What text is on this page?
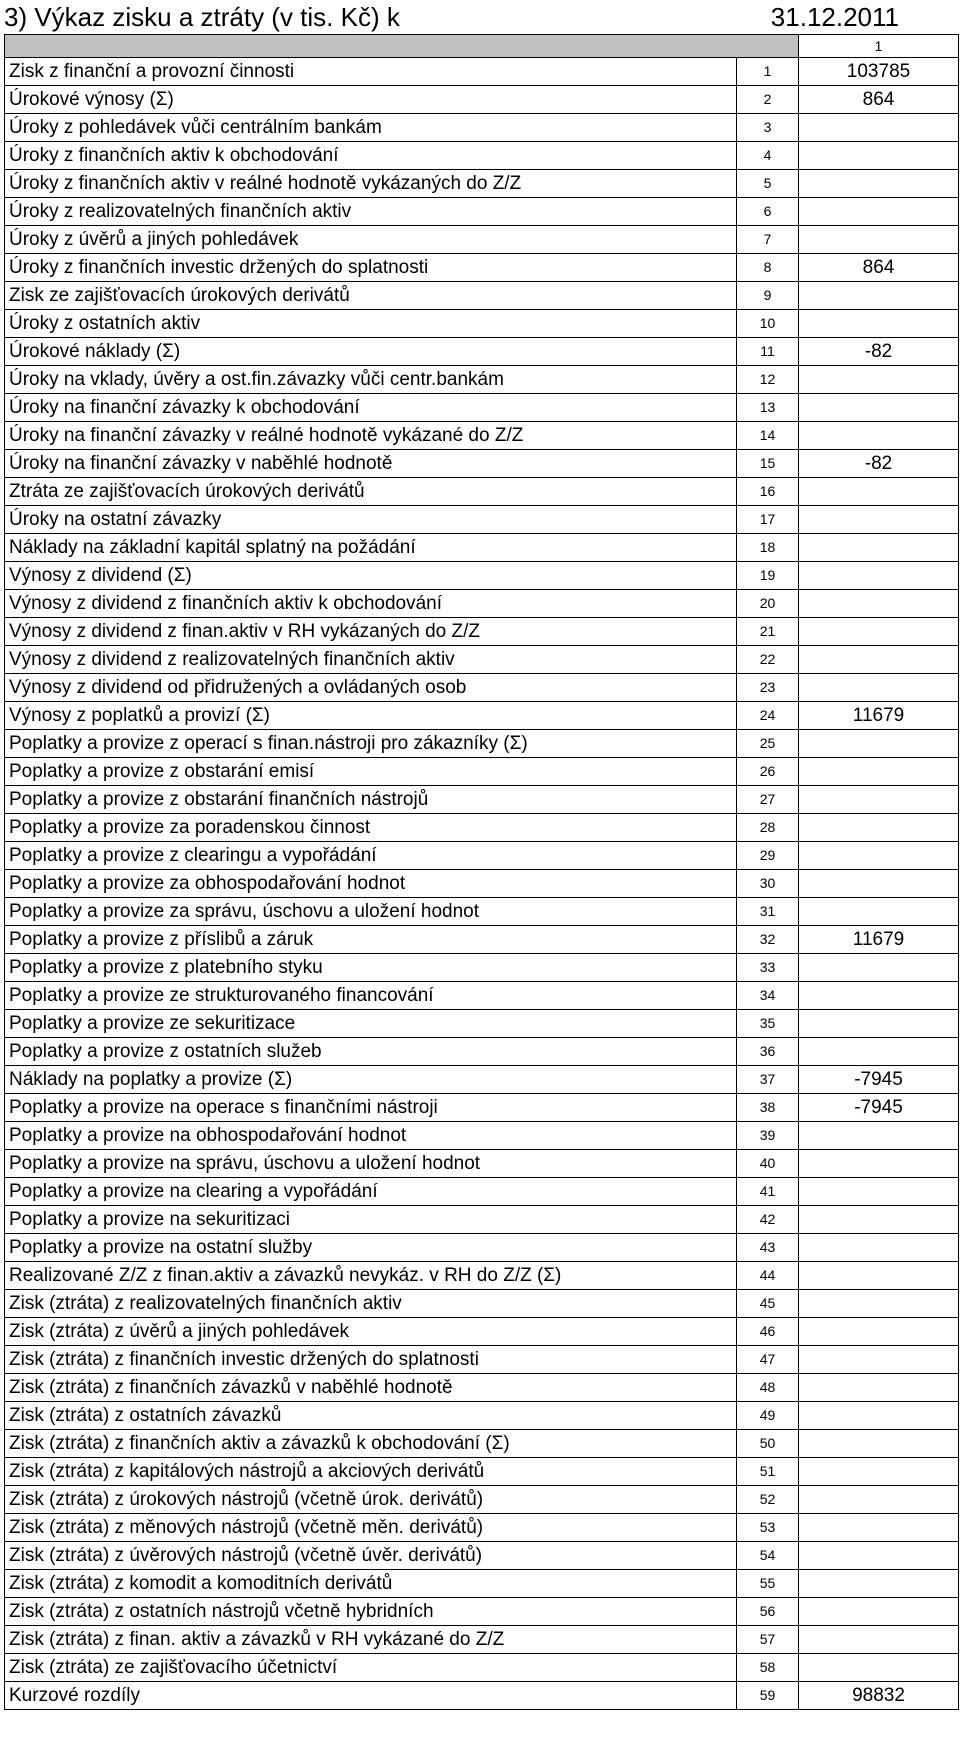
3) Výkaz zisku a ztráty (v tis. Kč) k	31.12.2011
		1
Zisk z finanční a provozní činnosti	1	103785
Úrokové výnosy (Σ)	2	864
Úroky z pohledávek vůči centrálním bankám	3	
Úroky z finančních aktiv k obchodování	4	
Úroky z finančních aktiv v reálné hodnotě vykázaných do Z/Z	5	
Úroky z realizovatelných finančních aktiv	6	
Úroky z úvěrů a jiných pohledávek	7	
Úroky z finančních investic držených do splatnosti	8	864
Zisk ze zajišťovacích úrokových derivátů	9	
Úroky z ostatních aktiv	10	
Úrokové náklady (Σ)	11	-82
Úroky na vklady, úvěry a ost.fin.závazky vůči centr.bankám	12	
Úroky na finanční závazky k obchodování	13	
Úroky na finanční závazky v reálné hodnotě vykázané do Z/Z	14	
Úroky na finanční závazky v naběhlé hodnotě	15	-82
Ztráta ze zajišťovacích úrokových derivátů	16	
Úroky na ostatní závazky	17	
Náklady na základní kapitál splatný na požádání	18	
Výnosy z dividend (Σ)	19	
Výnosy z dividend z finančních aktiv k obchodování	20	
Výnosy z dividend z finan.aktiv v RH vykázaných do Z/Z	21	
Výnosy z dividend z realizovatelných finančních aktiv	22	
Výnosy z dividend od přidružených a ovládaných osob	23	
Výnosy z poplatků a provizí (Σ)	24	11679
Poplatky a provize z operací s finan.nástroji pro zákazníky (Σ)	25	
Poplatky a provize z obstarání emisí	26	
Poplatky a provize z obstarání finančních nástrojů	27	
Poplatky a provize za poradenskou činnost	28	
Poplatky a provize z clearingu a vypořádání	29	
Poplatky a provize za obhospodařování hodnot	30	
Poplatky a provize za správu, úschovu a uložení hodnot	31	
Poplatky a provize z příslibů a záruk	32	11679
Poplatky a provize z platebního styku	33	
Poplatky a provize ze strukturovaného financování	34	
Poplatky a provize ze sekuritizace	35	
Poplatky a provize z ostatních služeb	36	
Náklady na poplatky a provize (Σ)	37	-7945
Poplatky a provize na operace s finančními nástroji	38	-7945
Poplatky a provize na obhospodařování hodnot	39	
Poplatky a provize na správu, úschovu a uložení hodnot	40	
Poplatky a provize na clearing a vypořádání	41	
Poplatky a provize na sekuritizaci	42	
Poplatky a provize na ostatní služby	43	
Realizované Z/Z z finan.aktiv a závazků nevykáz. v RH do Z/Z (Σ)	44	
Zisk (ztráta) z realizovatelných finančních aktiv	45	
Zisk (ztráta) z úvěrů a jiných pohledávek	46	
Zisk (ztráta) z finančních investic držených do splatnosti	47	
Zisk (ztráta) z finančních závazků v naběhlé hodnotě	48	
Zisk (ztráta) z ostatních závazků	49	
Zisk (ztráta) z finančních aktiv a závazků k obchodování (Σ)	50	
Zisk (ztráta) z kapitálových nástrojů a akciových derivátů	51	
Zisk (ztráta) z úrokových nástrojů (včetně úrok. derivátů)	52	
Zisk (ztráta) z měnových nástrojů (včetně měn. derivátů)	53	
Zisk (ztráta) z úvěrových nástrojů (včetně úvěr. derivátů)	54	
Zisk (ztráta) z komodit a komoditních derivátů	55	
Zisk (ztráta) z ostatních nástrojů včetně hybridních	56	
Zisk (ztráta) z finan. aktiv a závazků v RH vykázané do Z/Z	57	
Zisk (ztráta) ze zajišťovacího účetnictví	58	
Kurzové rozdíly	59	98832
